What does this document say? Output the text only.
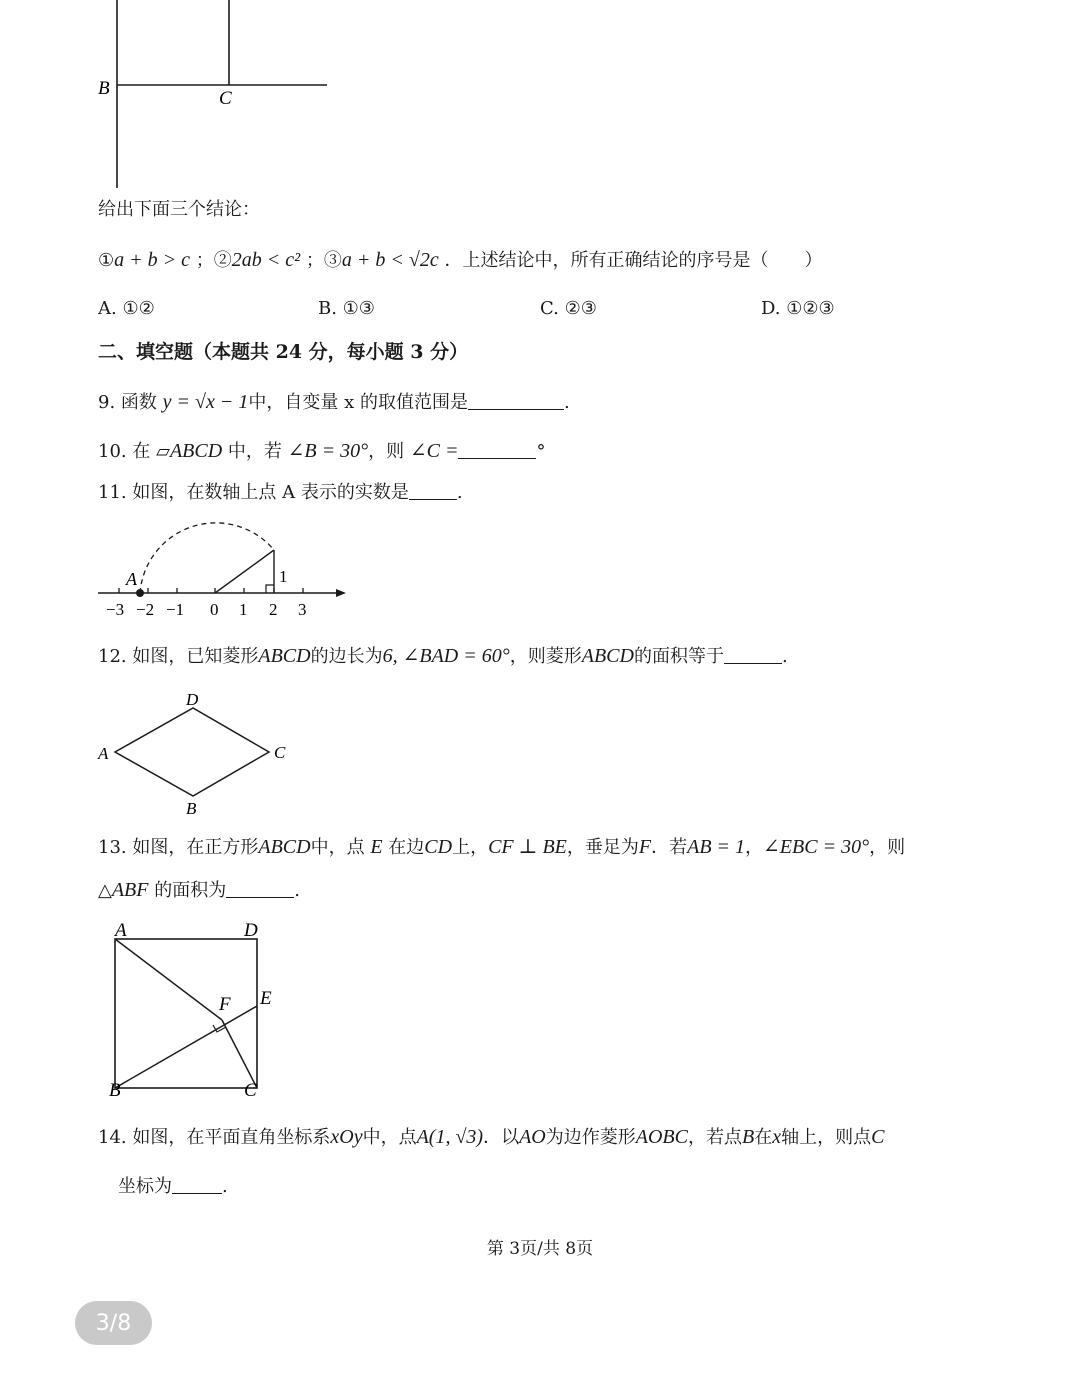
B	C
给出下面三个结论：
①a + b > c ；②2ab < c² ；③a + b < √2c ．上述结论中，所有正确结论的序号是（　　）
A. ①②	B. ①③	C. ②③	D. ①②③
二、填空题（本题共 24 分，每小题 3 分）
9. 函数 y = √x − 1中，自变量 x 的取值范围是	.
10. 在 ▱ABCD 中，若 ∠B = 30°，则 ∠C =	°
11. 如图，在数轴上点 A 表示的实数是	.
A	1
−3 −2 −1 0 1 2 3
12. 如图，已知菱形ABCD的边长为6, ∠BAD = 60°，则菱形ABCD的面积等于	.
A
B
C
D
13. 如图，在正方形ABCD中，点 E 在边CD上，CF ⊥ BE，垂足为F．若AB = 1，∠EBC = 30°，则
△ABF 的面积为	.
A	D
E
F
B	C
14. 如图，在平面直角坐标系xOy中，点A(1, √3)．以AO为边作菱形AOBC，若点B在x轴上，则点C
坐标为	.
第 3页/共 8页
3/8
